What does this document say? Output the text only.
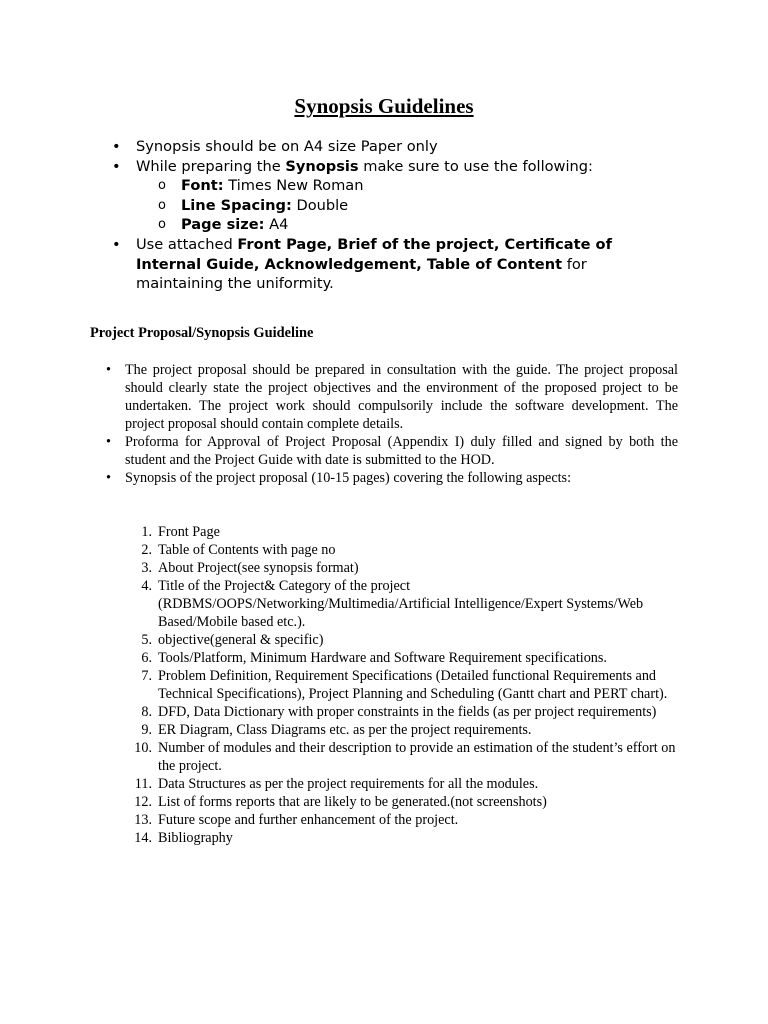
Synopsis Guidelines
•	Synopsis should be on A4 size Paper only
•	While preparing the Synopsis make sure to use the following:
o	Font: Times New Roman
o	Line Spacing: Double
o	Page size: A4
•	Use attached Front Page, Brief of the project, Certificate of Internal Guide, Acknowledgement, Table of Content for maintaining the uniformity.
Project Proposal/Synopsis Guideline
• The project proposal should be prepared in consultation with the guide. The project proposal should clearly state the project objectives and the environment of the proposed project to be undertaken. The project work should compulsorily include the software development. The project proposal should contain complete details.
• Proforma for Approval of Project Proposal (Appendix I) duly filled and signed by both the student and the Project Guide with date is submitted to the HOD.
• Synopsis of the project proposal (10-15 pages) covering the following aspects:
1. Front Page
2. Table of Contents with page no
3. About Project(see synopsis format)
4. Title of the Project& Category of the project (RDBMS/OOPS/Networking/Multimedia/Artificial Intelligence/Expert Systems/Web Based/Mobile based etc.).
5. objective(general & specific)
6. Tools/Platform, Minimum Hardware and Software Requirement specifications.
7. Problem Definition, Requirement Specifications (Detailed functional Requirements and Technical Specifications), Project Planning and Scheduling (Gantt chart and PERT chart).
8. DFD, Data Dictionary with proper constraints in the fields (as per project requirements)
9. ER Diagram, Class Diagrams etc. as per the project requirements.
10. Number of modules and their description to provide an estimation of the student’s effort on the project.
11. Data Structures as per the project requirements for all the modules.
12. List of forms reports that are likely to be generated.(not screenshots)
13. Future scope and further enhancement of the project.
14. Bibliography
